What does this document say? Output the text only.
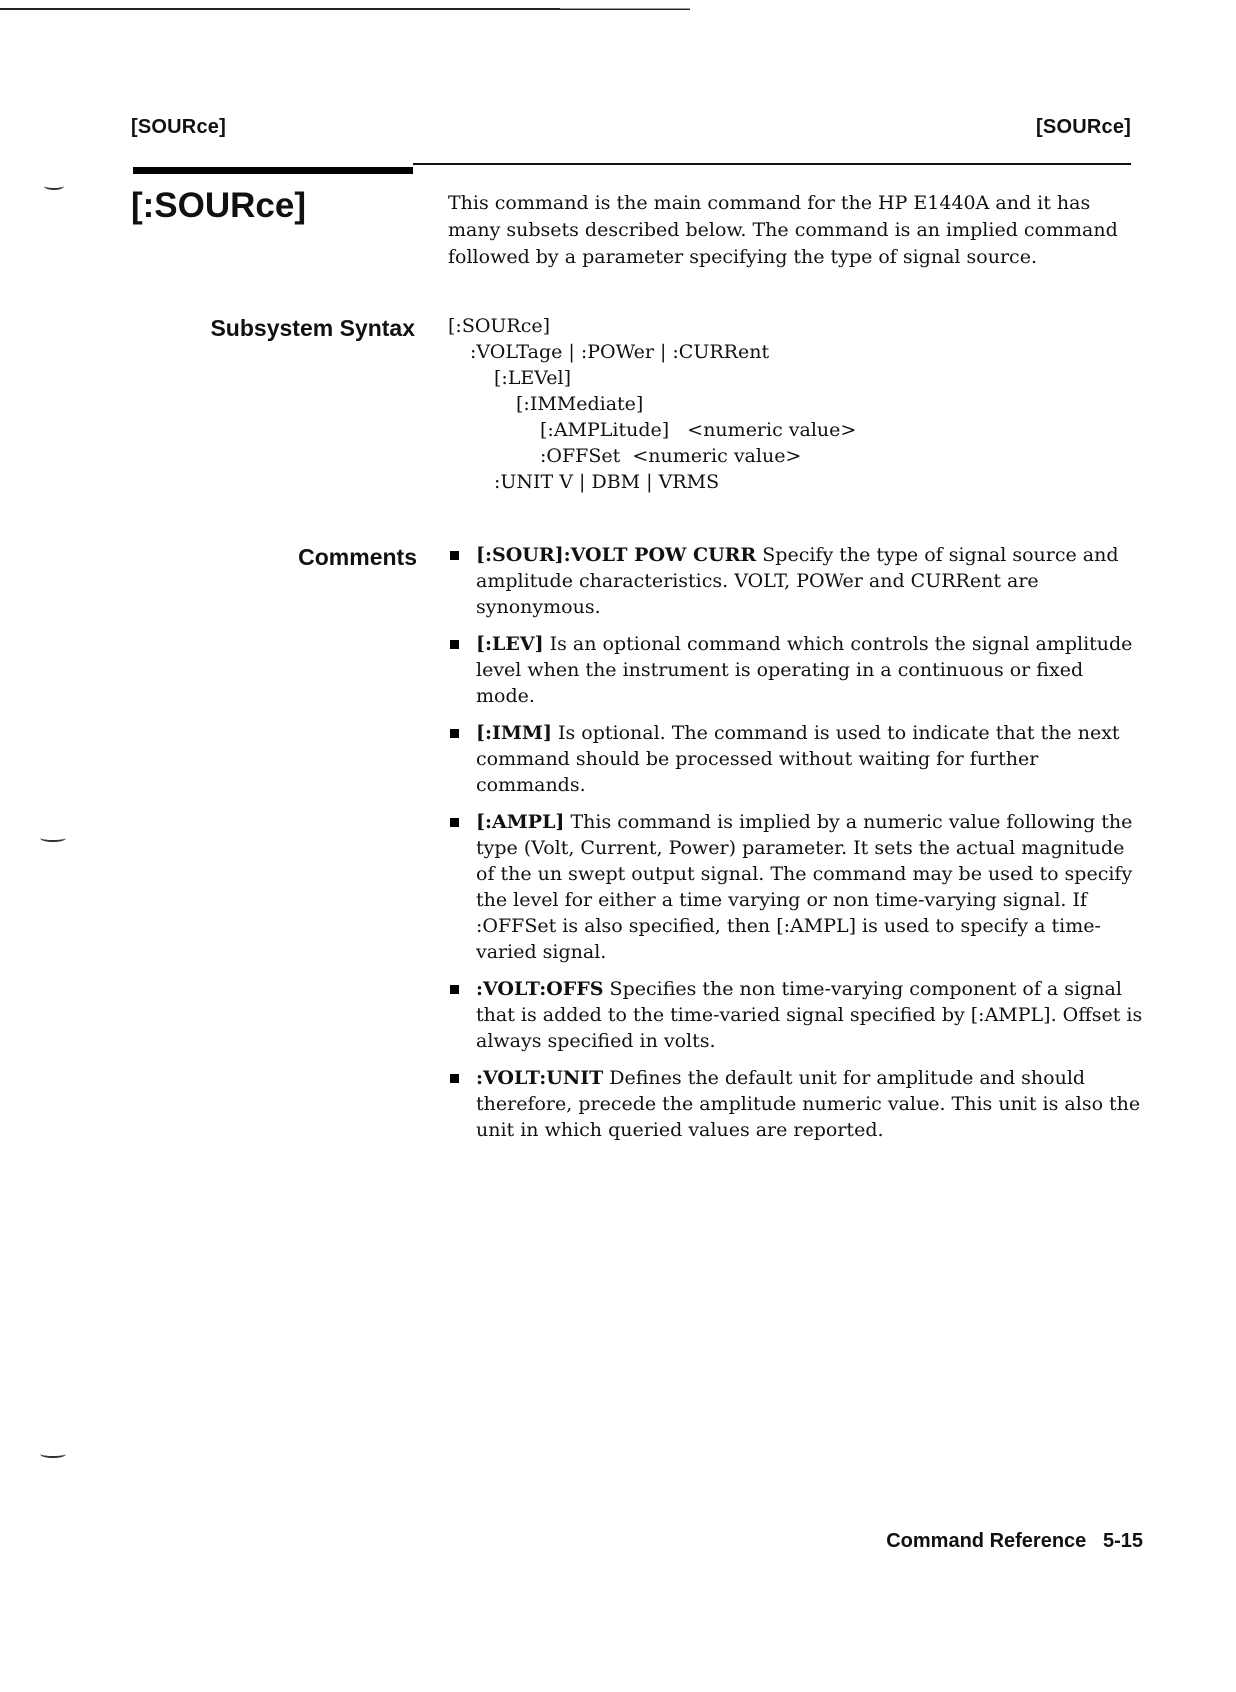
[SOURce]	[SOURce]
[:SOURce]	This command is the main command for the HP E1440A and it has many subsets described below. The command is an implied command followed by a parameter specifying the type of signal source.
Subsystem Syntax [:SOURce]
:VOLTage | :POWer | :CURRent
[:LEVel]
[:IMMediate]
[:AMPLitude]   <numeric value>
:OFFSet  <numeric value>
:UNIT V | DBM | VRMS
Comments	[:SOUR]:VOLT POW CURR Specify the type of signal source and amplitude characteristics. VOLT, POWer and CURRent are synonymous.
[:LEV] Is an optional command which controls the signal amplitude level when the instrument is operating in a continuous or fixed mode.
[:IMM] Is optional. The command is used to indicate that the next command should be processed without waiting for further commands.
[:AMPL] This command is implied by a numeric value following the type (Volt, Current, Power) parameter. It sets the actual magnitude of the un swept output signal. The command may be used to specify the level for either a time varying or non time-varying signal. If :OFFSet is also specified, then [:AMPL] is used to specify a time-varied signal.
:VOLT:OFFS Specifies the non time-varying component of a signal that is added to the time-varied signal specified by [:AMPL]. Offset is always specified in volts.
:VOLT:UNIT Defines the default unit for amplitude and should therefore, precede the amplitude numeric value. This unit is also the unit in which queried values are reported.
Command Reference   5-15
